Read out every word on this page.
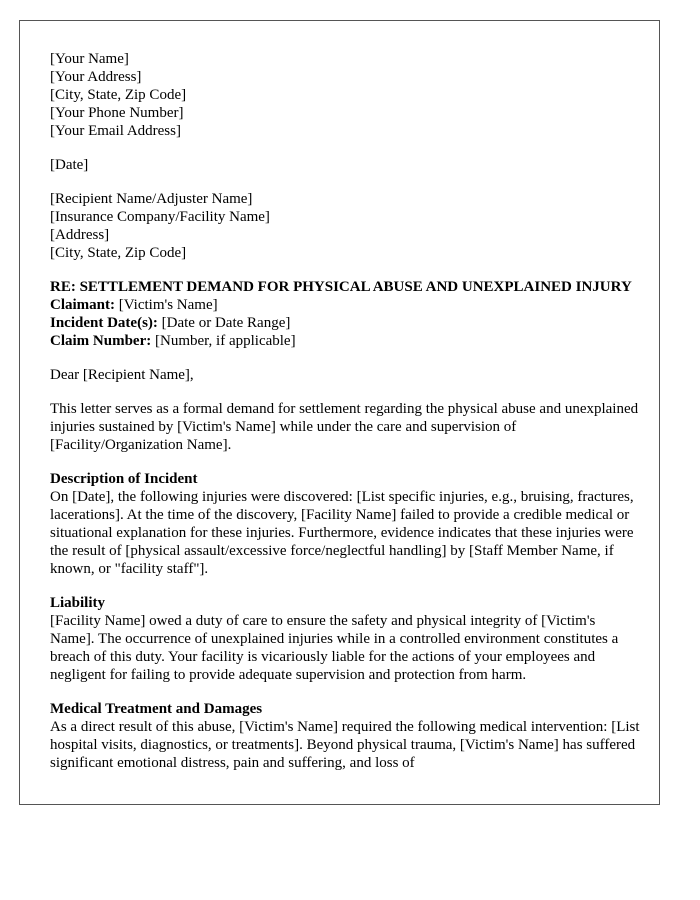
[Your Name]
[Your Address]
[City, State, Zip Code]
[Your Phone Number]
[Your Email Address]
[Date]
[Recipient Name/Adjuster Name]
[Insurance Company/Facility Name]
[Address]
[City, State, Zip Code]

RE: SETTLEMENT DEMAND FOR PHYSICAL ABUSE AND UNEXPLAINED INJURY

Claimant: [Victim's Name]

Incident Date(s): [Date or Date Range]

Claim Number: [Number, if applicable]

Dear [Recipient Name],

This letter serves as a formal demand for settlement regarding the physical abuse and unexplained injuries sustained by [Victim's Name] while under the care and supervision of [Facility/Organization Name].

Description of Incident

On [Date], the following injuries were discovered: [List specific injuries, e.g., bruising, fractures, lacerations]. At the time of the discovery, [Facility Name] failed to provide a credible medical or situational explanation for these injuries. Furthermore, evidence indicates that these injuries were the result of [physical assault/excessive force/neglectful handling] by [Staff Member Name, if known, or "facility staff"].

Liability

[Facility Name] owed a duty of care to ensure the safety and physical integrity of [Victim's Name]. The occurrence of unexplained injuries while in a controlled environment constitutes a breach of this duty. Your facility is vicariously liable for the actions of your employees and negligent for failing to provide adequate supervision and protection from harm.

Medical Treatment and Damages

As a direct result of this abuse, [Victim's Name] required the following medical intervention: [List hospital visits, diagnostics, or treatments]. Beyond physical trauma, [Victim's Name] has suffered significant emotional distress, pain and suffering, and loss of
